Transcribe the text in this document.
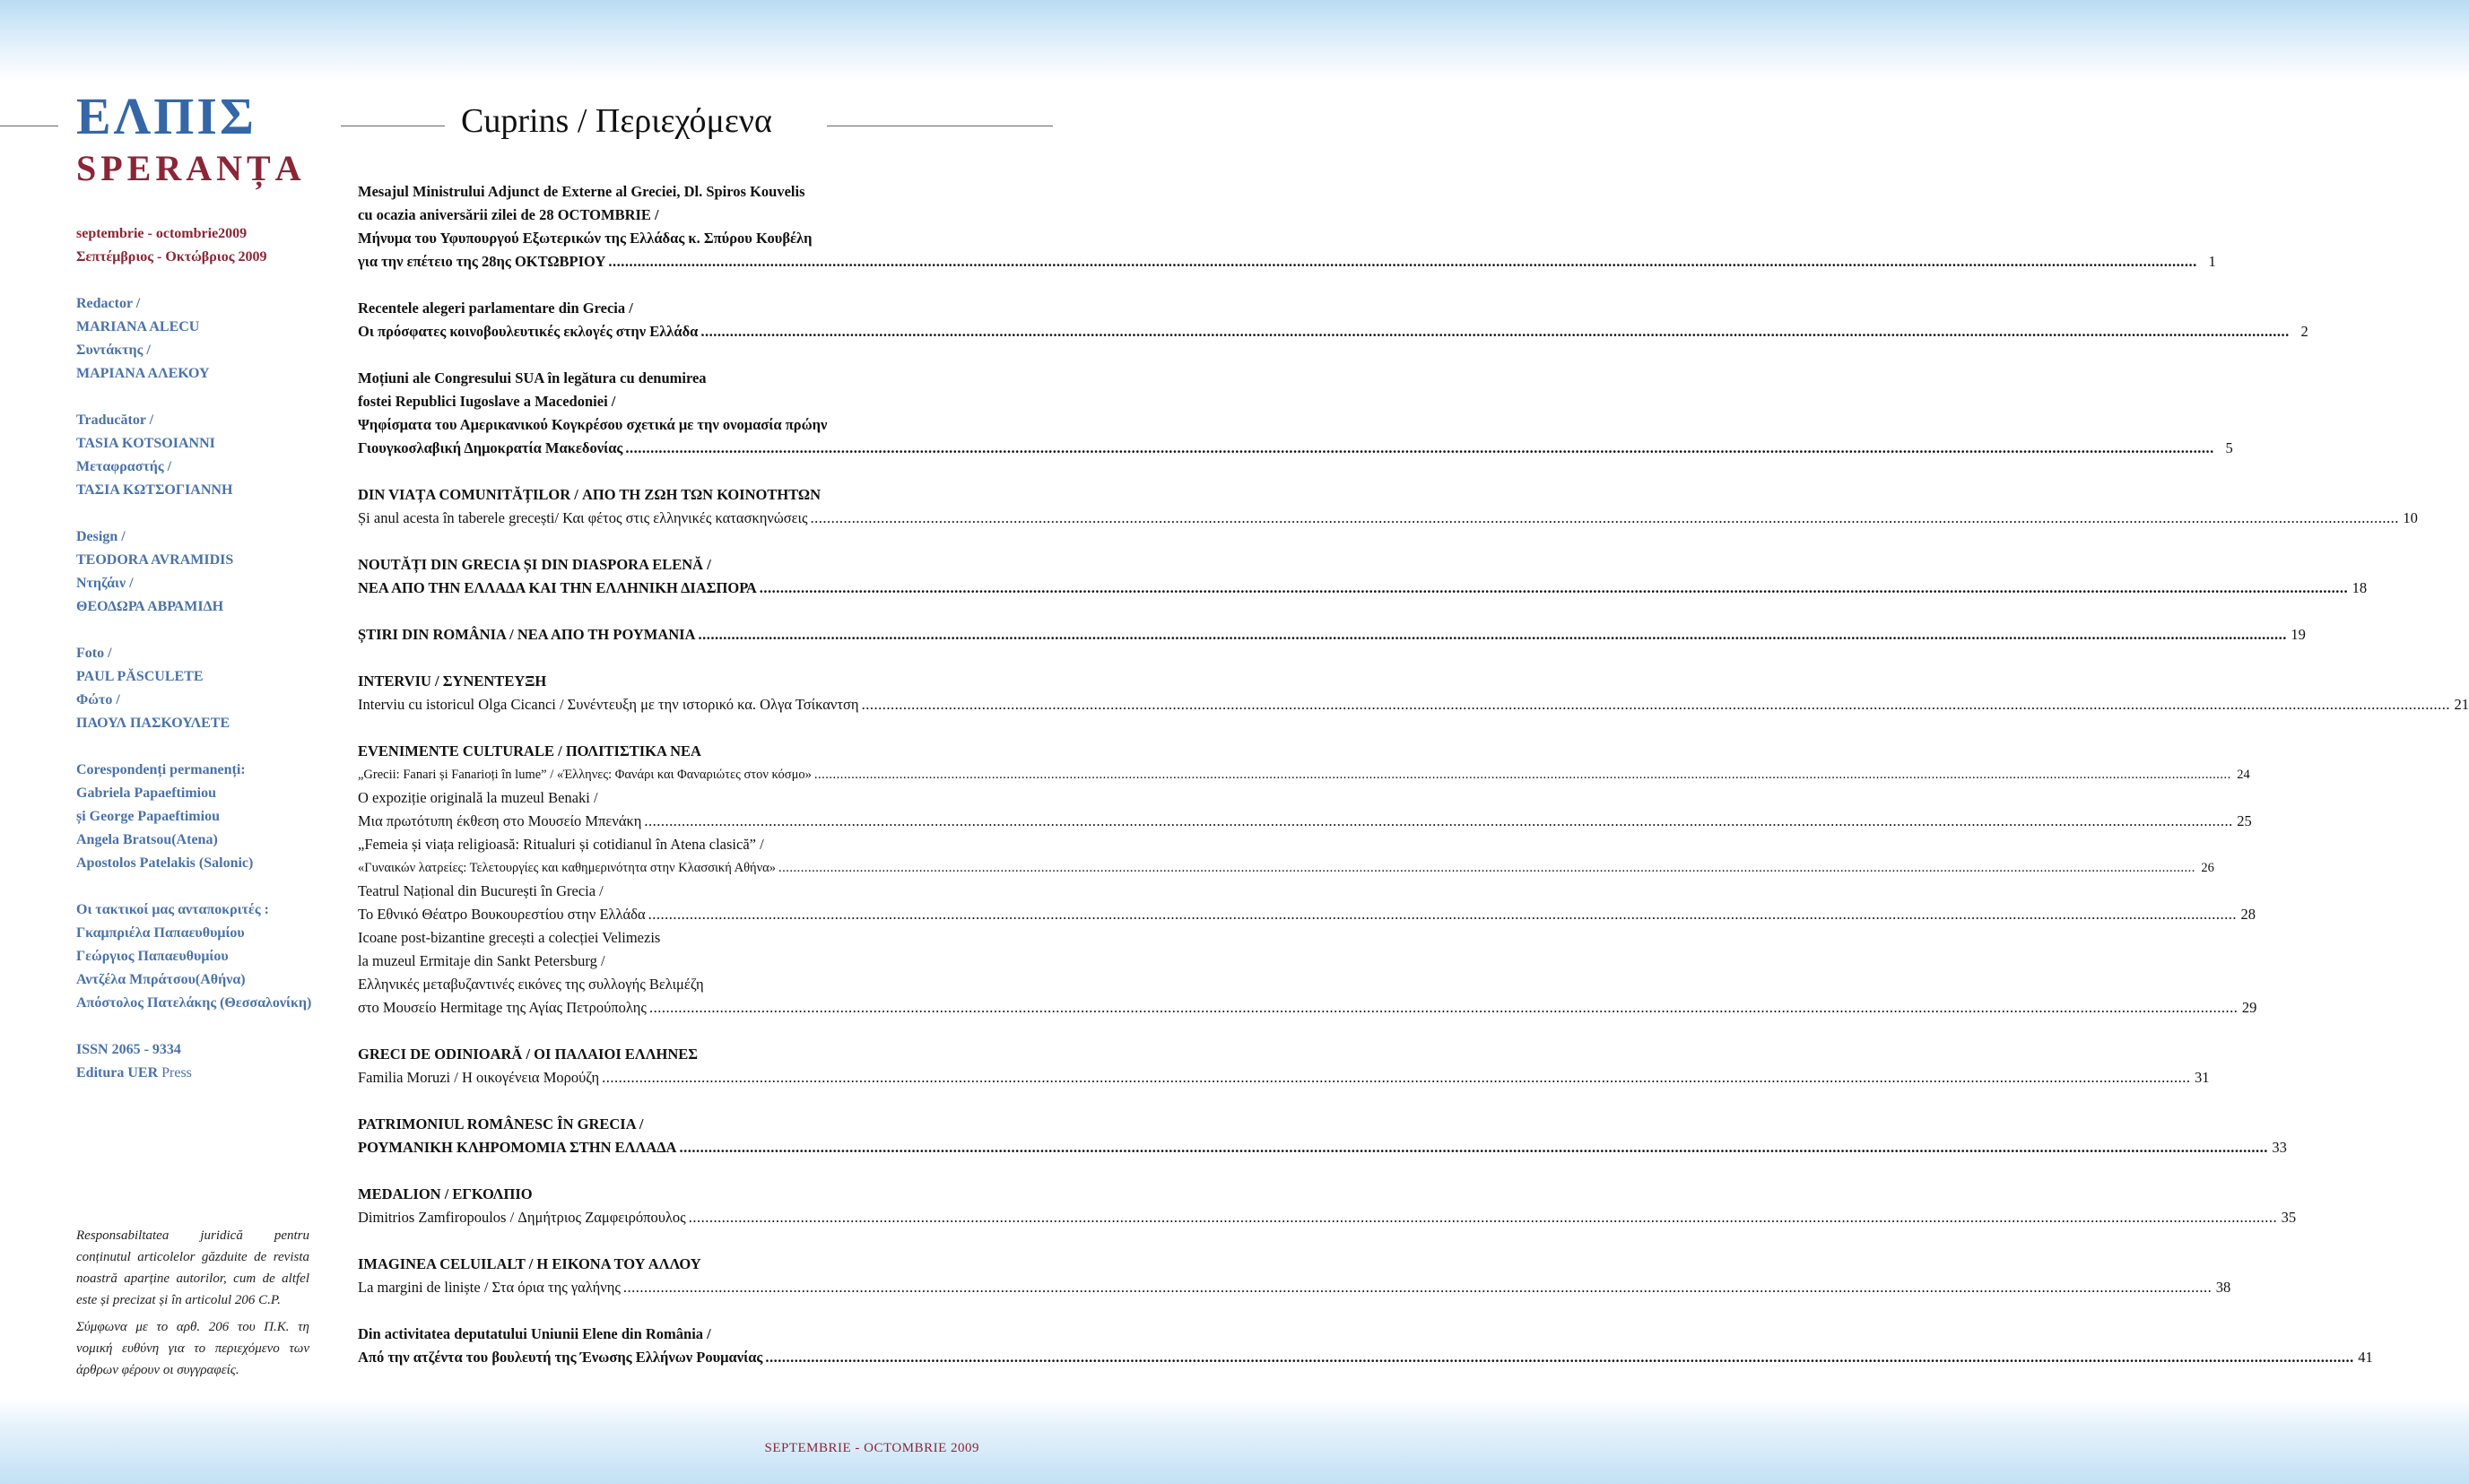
ΕΛΠΙΣ
SPERANȚA
Cuprins / Περιεχόμενα
septembrie - octombrie2009
Σεπτέμβριος - Οκτώβριος 2009
Redactor /
MARIANA ALECU
Συντάκτης /
ΜΑΡΙΑΝΑ ΑΛΕΚΟΥ
Traducător /
TASIA KOTSOIANNI
Μεταφραστής /
ΤΑΣΙΑ ΚΩΤΣΟΓΙΑΝΝΗ
Design /
TEODORA AVRAMIDIS
Ντηζάιν /
ΘΕΟΔΩΡΑ ΑΒΡΑΜΙΔΗ
Foto /
PAUL PĂSCULETE
Φώτο /
ΠΑΟΥΛ ΠΑΣΚΟΥΛΕΤΕ
Corespondenți permanenți:
Gabriela Papaeftimiou
și George Papaeftimiou
Angela Bratsou(Atena)
Apostolos Patelakis (Salonic)
Οι τακτικοί μας ανταποκριτές :
Γκαμπριέλα Παπαευθυμίου
Γεώργιος Παπαευθυμίου
Αντζέλα Μπράτσου(Αθήνα)
Απόστολος Πατελάκης (Θεσσαλονίκη)
ISSN 2065 - 9334
Editura UER Press

Responsabiltatea juridică pentru conținutul articolelor găzduite de revista noastră aparține autorilor, cum de altfel este și precizat și în articolul 206 C.P.

Σύμφωνα με το αρθ. 206 του Π.Κ. τη νομική ευθύνη για το περιεχόμενο των άρθρων φέρουν οι συγγραφείς.

Mesajul Ministrului Adjunct de Externe al Greciei, Dl. Spiros Kouvelis
cu ocazia aniversării zilei de 28 OCTOMBRIE /
Μήνυμα του Υφυπουργού Εξωτερικών της Ελλάδας κ. Σπύρου Κουβέλη
για την επέτειο της 28ης ΟΚΤΩΒΡΙΟΥ .....	1
Recentele alegeri parlamentare din Grecia /
Οι πρόσφατες κοινοβουλευτικές εκλογές στην Ελλάδα .....	2
Moțiuni ale Congresului SUA în legătura cu denumirea
fostei Republici Iugoslave a Macedoniei /
Ψηφίσματα του Αμερικανικού Κογκρέσου σχετικά με την ονομασία πρώην
Γιουγκοσλαβική Δημοκρατία Μακεδονίας .....	5
DIN VIAȚA COMUNITĂȚILOR / ΑΠΟ ΤΗ ΖΩΗ ΤΩΝ ΚΟΙΝΟΤΗΤΩΝ
Și anul acesta în taberele grecești/ Και φέτος στις ελληνικές κατασκηνώσεις .....	10
NOUTĂȚI DIN GRECIA ȘI DIN DIASPORA ELENĂ /
ΝΕΑ ΑΠΟ ΤΗΝ ΕΛΛΑΔΑ ΚΑΙ ΤΗΝ ΕΛΛΗΝΙΚΗ ΔΙΑΣΠΟΡΑ .....	18
ȘTIRI DIN ROMÂNIA / ΝΕΑ ΑΠΟ ΤΗ ΡΟΥΜΑΝΙΑ .....	19
INTERVIU / ΣΥΝΕΝΤΕΥΞΗ
Interviu cu istoricul Olga Cicanci / Συνέντευξη με την ιστορικό κα. Ολγα Τσίκαντση .....	21
EVENIMENTE CULTURALE / ΠΟΛΙΤΙΣΤΙΚΑ ΝΕΑ
„Grecii: Fanari și Fanarioți în lume” / «Έλληνες: Φανάρι και Φαναριώτες στον κόσμο» .....	24
O expoziție originală la muzeul Benaki /
Μια πρωτότυπη έκθεση στο Μουσείο Μπενάκη .....	25
„Femeia și viața religioasă: Ritualuri și cotidianul în Atena clasică” /
«Γυναικών λατρείες: Τελετουργίες και καθημερινότητα στην Κλασσική Αθήνα» .....	26
Teatrul Național din București în Grecia /
Το Εθνικό Θέατρο Βουκουρεστίου στην Ελλάδα .....	28
Icoane post-bizantine grecești a colecției Velimezis
la muzeul Ermitaje din Sankt Petersburg /
Ελληνικές μεταβυζαντινές εικόνες της συλλογής Βελιμέζη
στο Μουσείο Hermitage της Αγίας Πετρούπολης .....	29
GRECI DE ODINIOARĂ / ΟΙ ΠΑΛΑΙΟΙ ΕΛΛΗΝΕΣ
Familia Moruzi / Η οικογένεια Μορούζη .....	31
PATRIMONIUL ROMÂNESC ÎN GRECIA /
ΡΟΥΜΑΝΙΚΗ ΚΛΗΡΟΜΟΜΙΑ ΣΤΗΝ ΕΛΛΑΔΑ .....	33
MEDALION / ΕΓΚΟΛΠΙΟ
Dimitrios Zamfiropoulos / Δημήτριος Ζαμφειρόπουλος .....	35
IMAGINEA CELUILALT / Η ΕΙΚΟΝΑ ΤΟΥ ΑΛΛΟΥ
La margini de liniște / Στα όρια της γαλήνης .....	38
Din activitatea deputatului Uniunii Elene din România /
Από την ατζέντα του βουλευτή της Ένωσης Ελλήνων Ρουμανίας .....	41
SEPTEMBRIE - OCTOMBRIE 2009
